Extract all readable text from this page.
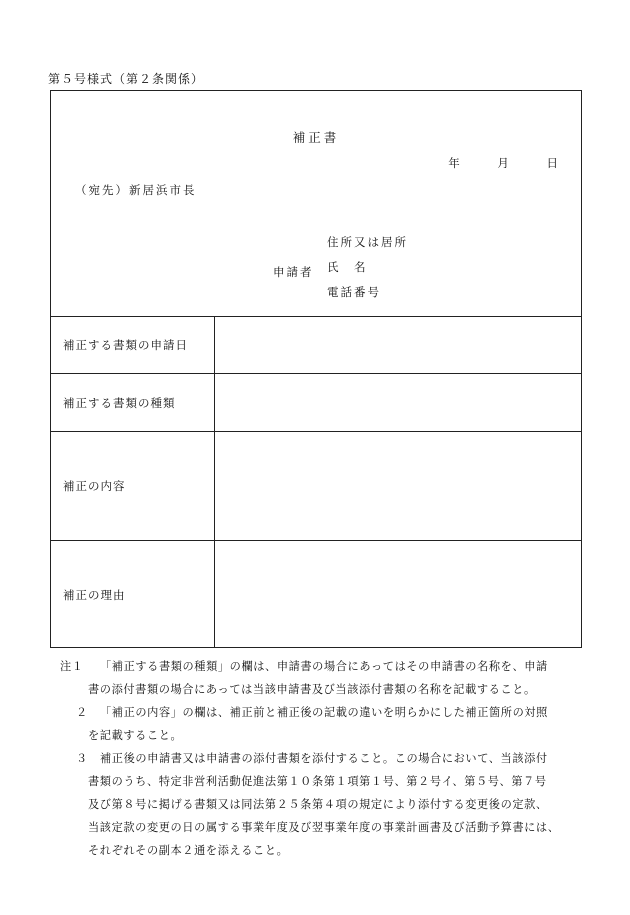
第５号様式（第２条関係）
補正書
年	月	日
（宛先）新居浜市長
申請者
住所又は居所
氏　名
電話番号
補正する書類の申請日
補正する書類の種類
補正の内容
補正の理由
注１	「補正する書類の種類」の欄は、申請書の場合にあってはその申請書の名称を、申請
書の添付書類の場合にあっては当該申請書及び当該添付書類の名称を記載すること。
２	「補正の内容」の欄は、補正前と補正後の記載の違いを明らかにした補正箇所の対照
を記載すること。
３	補正後の申請書又は申請書の添付書類を添付すること。この場合において、当該添付
書類のうち、特定非営利活動促進法第１０条第１項第１号、第２号イ、第５号、第７号
及び第８号に掲げる書類又は同法第２５条第４項の規定により添付する変更後の定款、
当該定款の変更の日の属する事業年度及び翌事業年度の事業計画書及び活動予算書には、
それぞれその副本２通を添えること。
